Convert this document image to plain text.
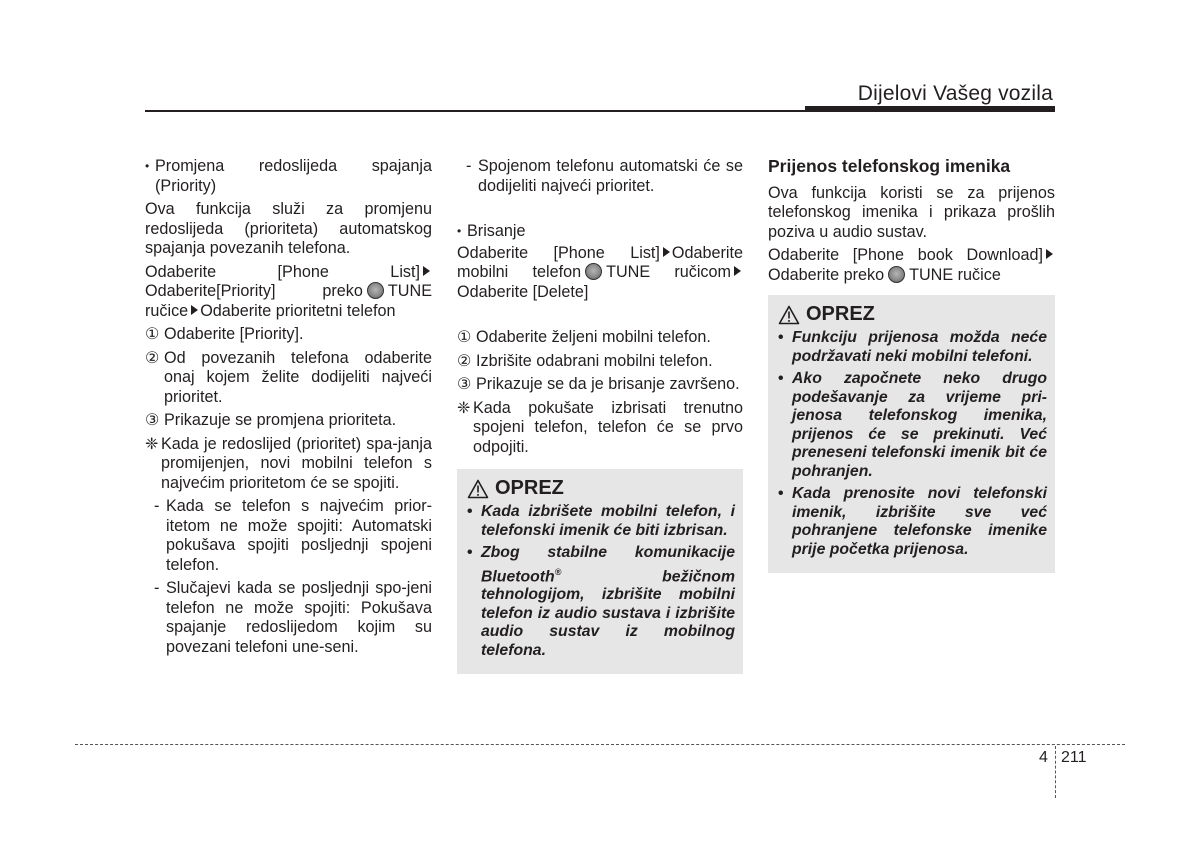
Dijelovi Vašeg vozila
• Promjena redoslijeda spajanja (Priority)

Ova funkcija služi za promjenu redoslijeda (prioriteta) automatskog spajanja povezanih telefona.

Odaberite [Phone List] Odaberite[Priority] preko TUNE ručice Odaberite prioritetni telefon

① Odaberite [Priority].
② Od povezanih telefona odaberite onaj kojem želite dodijeliti najveći prioritet.
③ Prikazuje se promjena prioriteta.
❈ Kada je redoslijed (prioritet) spa-janja promijenjen, novi mobilni telefon s najvećim prioritetom će se spojiti.
- Kada se telefon s najvećim prior-itetom ne može spojiti: Automatski pokušava spojiti posljednji spojeni telefon.
- Slučajevi kada se posljednji spo-jeni telefon ne može spojiti: Pokušava spajanje redoslijedom kojim su povezani telefoni une-seni.
- Spojenom telefonu automatski će se dodijeliti najveći prioritet.
• Brisanje

Odaberite [Phone List] Odaberite mobilni telefon TUNE ručicom Odaberite [Delete]

① Odaberite željeni mobilni telefon.
② Izbrišite odabrani mobilni telefon.
③ Prikazuje se da je brisanje završeno.
❈ Kada pokušate izbrisati trenutno spojeni telefon, telefon će se prvo odpojiti.
OPREZ
• Kada izbrišete mobilni telefon, i telefonski imenik će biti izbrisan.
• Zbog stabilne komunikacije Bluetooth® bežičnom tehnologijom, izbrišite mobilni telefon iz audio sustava i izbrišite audio sustav iz mobilnog telefona.
Prijenos telefonskog imenika

Ova funkcija koristi se za prijenos telefonskog imenika i prikaza prošlih poziva u audio sustav.

Odaberite [Phone book Download] Odaberite preko TUNE ručice

OPREZ
• Funkciju prijenosa možda neće podržavati neki mobilni telefoni.
• Ako započnete neko drugo podešavanje za vrijeme pri-jenosa telefonskog imenika, prijenos će se prekinuti. Već preneseni telefonski imenik bit će pohranjen.
• Kada prenosite novi telefonski imenik, izbrišite sve već pohranjene telefonske imenike prije početka prijenosa.
4 211
